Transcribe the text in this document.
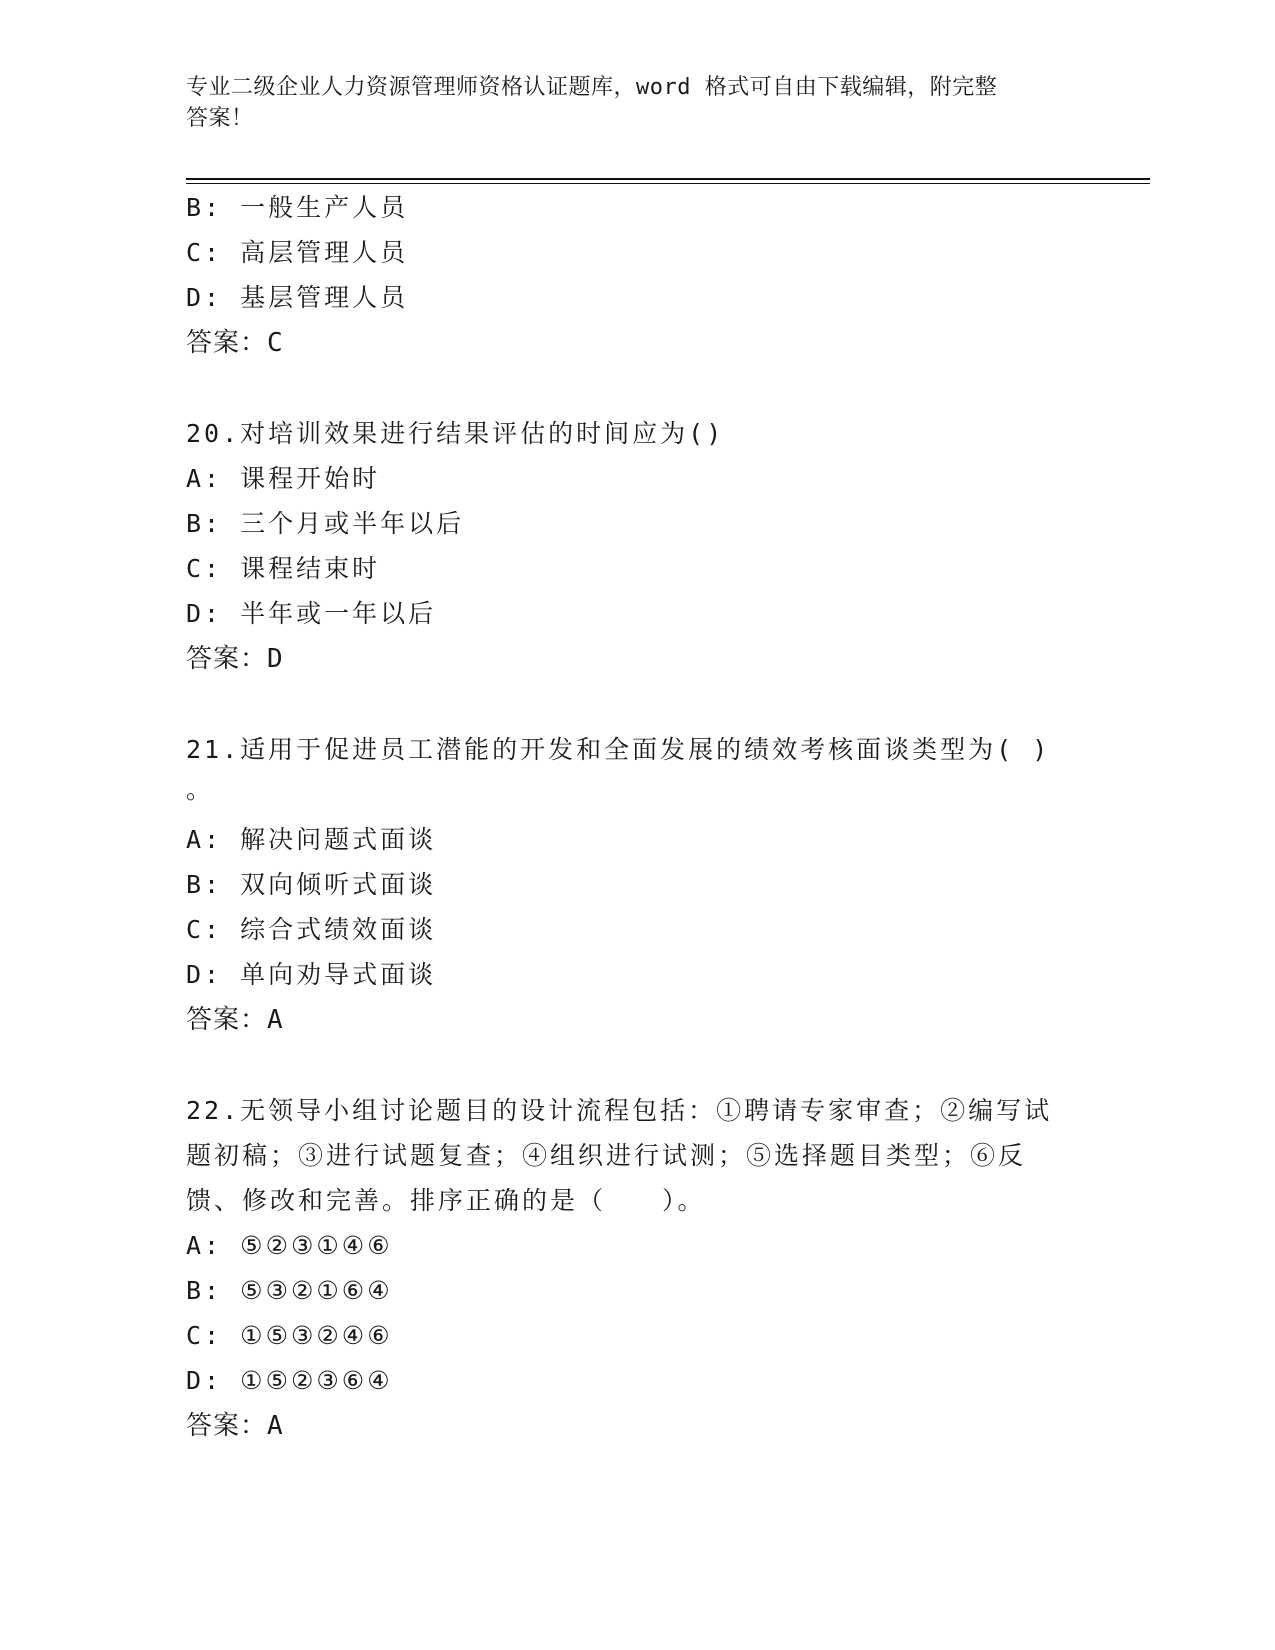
专业二级企业人力资源管理师资格认证题库，word 格式可自由下载编辑，附完整
答案！
B: 一般生产人员
C: 高层管理人员
D: 基层管理人员
答案：C
20.对培训效果进行结果评估的时间应为()
A: 课程开始时
B: 三个月或半年以后
C: 课程结束时
D: 半年或一年以后
答案：D
21.适用于促进员工潜能的开发和全面发展的绩效考核面谈类型为( )
。
A: 解决问题式面谈
B: 双向倾听式面谈
C: 综合式绩效面谈
D: 单向劝导式面谈
答案：A
22.无领导小组讨论题目的设计流程包括：①聘请专家审查；②编写试
题初稿；③进行试题复查；④组织进行试测；⑤选择题目类型；⑥反
馈、修改和完善。排序正确的是（　　）。
A: ⑤②③①④⑥
B: ⑤③②①⑥④
C: ①⑤③②④⑥
D: ①⑤②③⑥④
答案：A
